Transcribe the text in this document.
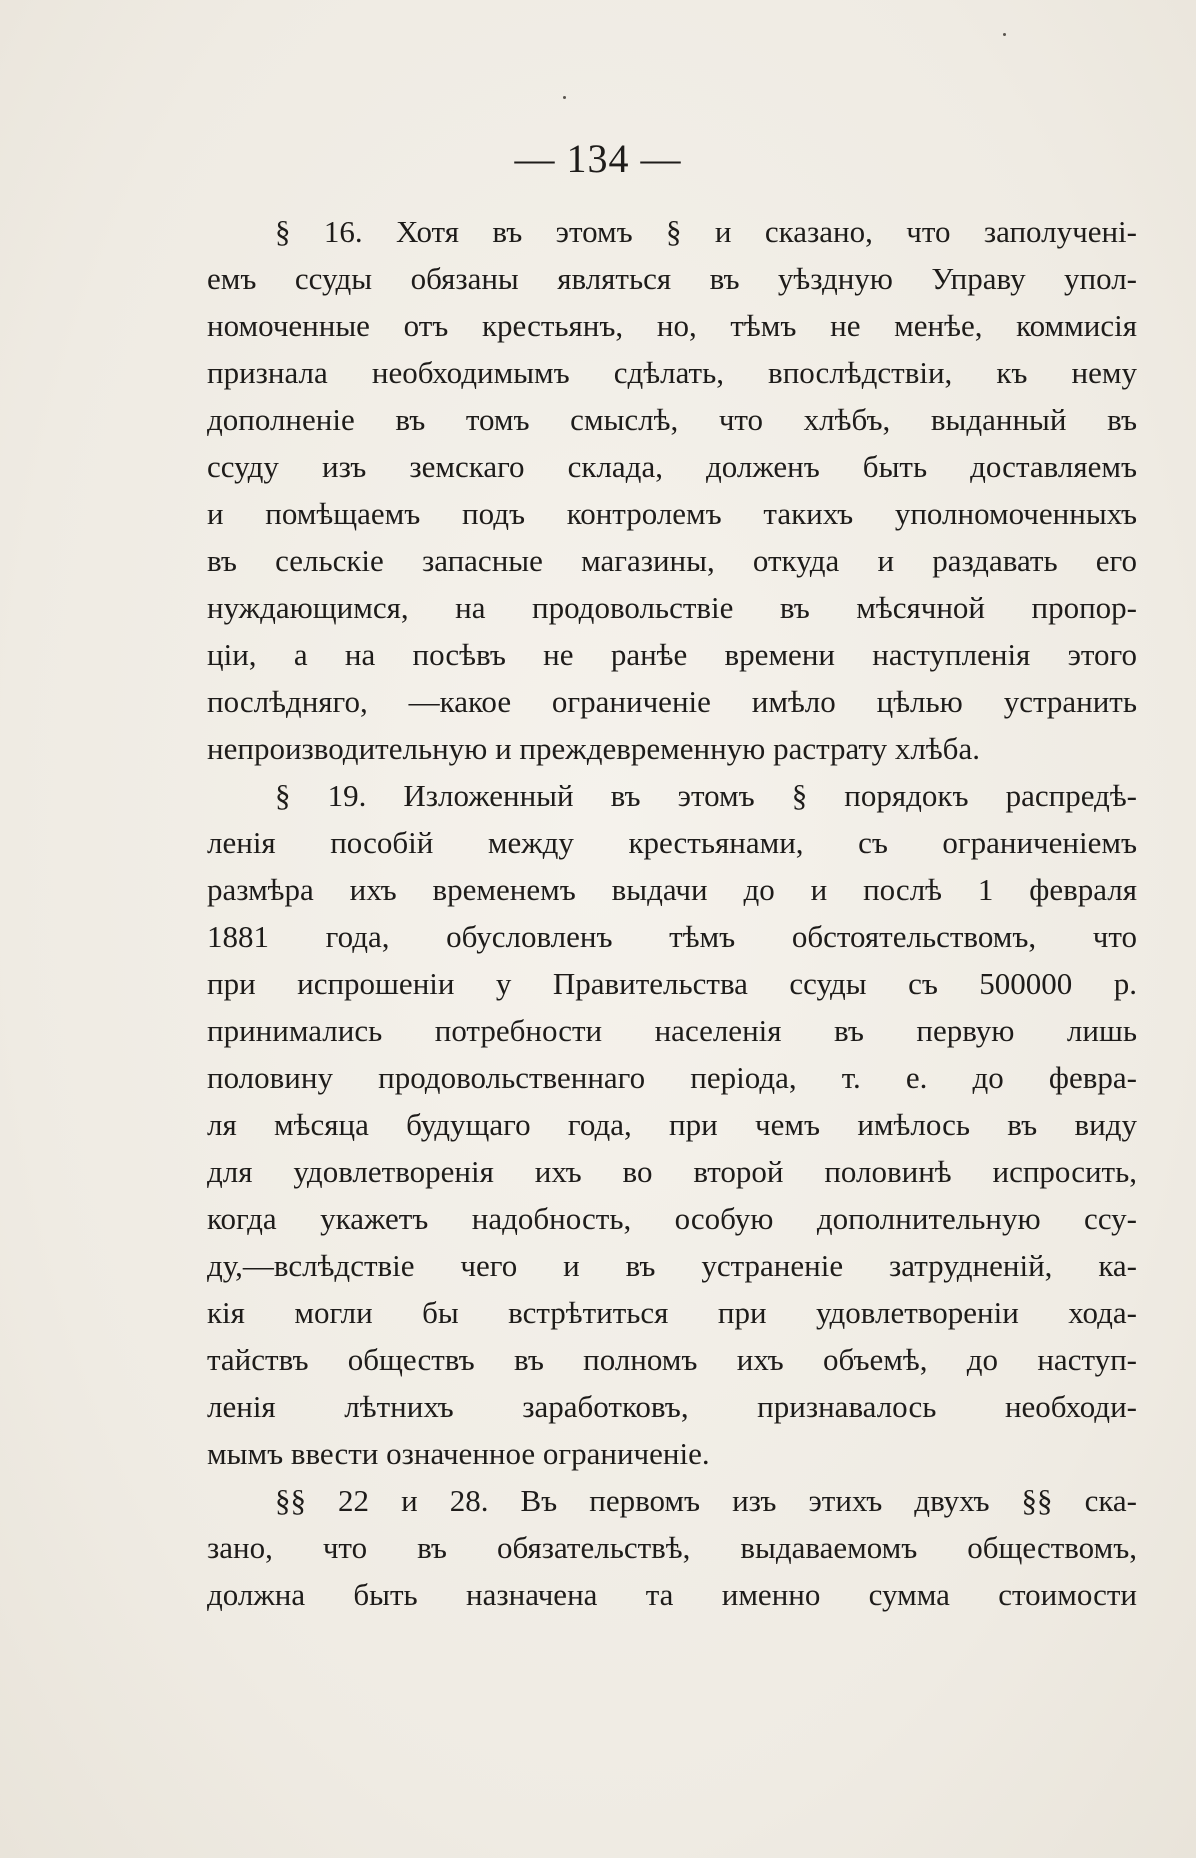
— 134 —
§ 16. Хотя въ этомъ § и сказано, что заполучені-
емъ ссуды обязаны являться въ уѣздную Управу упол-
номоченные отъ крестьянъ, но, тѣмъ не менѣе, коммисія
признала необходимымъ сдѣлать, впослѣдствіи, къ нему
дополненіе въ томъ смыслѣ, что хлѣбъ, выданный въ
ссуду изъ земскаго склада, долженъ быть доставляемъ
и помѣщаемъ подъ контролемъ такихъ уполномоченныхъ
въ сельскіе запасные магазины, откуда и раздавать его
нуждающимся, на продовольствіе въ мѣсячной пропор-
ціи, а на посѣвъ не ранѣе времени наступленія этого
послѣдняго, —какое ограниченіе имѣло цѣлью устранить
непроизводительную и преждевременную растрату хлѣба.
§ 19. Изложенный въ этомъ § порядокъ распредѣ-
ленія пособій между крестьянами, съ ограниченіемъ
размѣра ихъ временемъ выдачи до и послѣ 1 февраля
1881 года, обусловленъ тѣмъ обстоятельствомъ, что
при испрошеніи у Правительства ссуды съ 500000 р.
принимались потребности населенія въ первую лишь
половину продовольственнаго періода, т. е. до февра-
ля мѣсяца будущаго года, при чемъ имѣлось въ виду
для удовлетворенія ихъ во второй половинѣ испросить,
когда укажетъ надобность, особую дополнительную ссу-
ду,—вслѣдствіе чего и въ устраненіе затрудненій, ка-
кія могли бы встрѣтиться при удовлетвореніи хода-
тайствъ обществъ въ полномъ ихъ объемѣ, до наступ-
ленія лѣтнихъ заработковъ, признавалось необходи-
мымъ ввести означенное ограниченіе.
§§ 22 и 28. Въ первомъ изъ этихъ двухъ §§ ска-
зано, что въ обязательствѣ, выдаваемомъ обществомъ,
должна быть назначена та именно сумма стоимости
